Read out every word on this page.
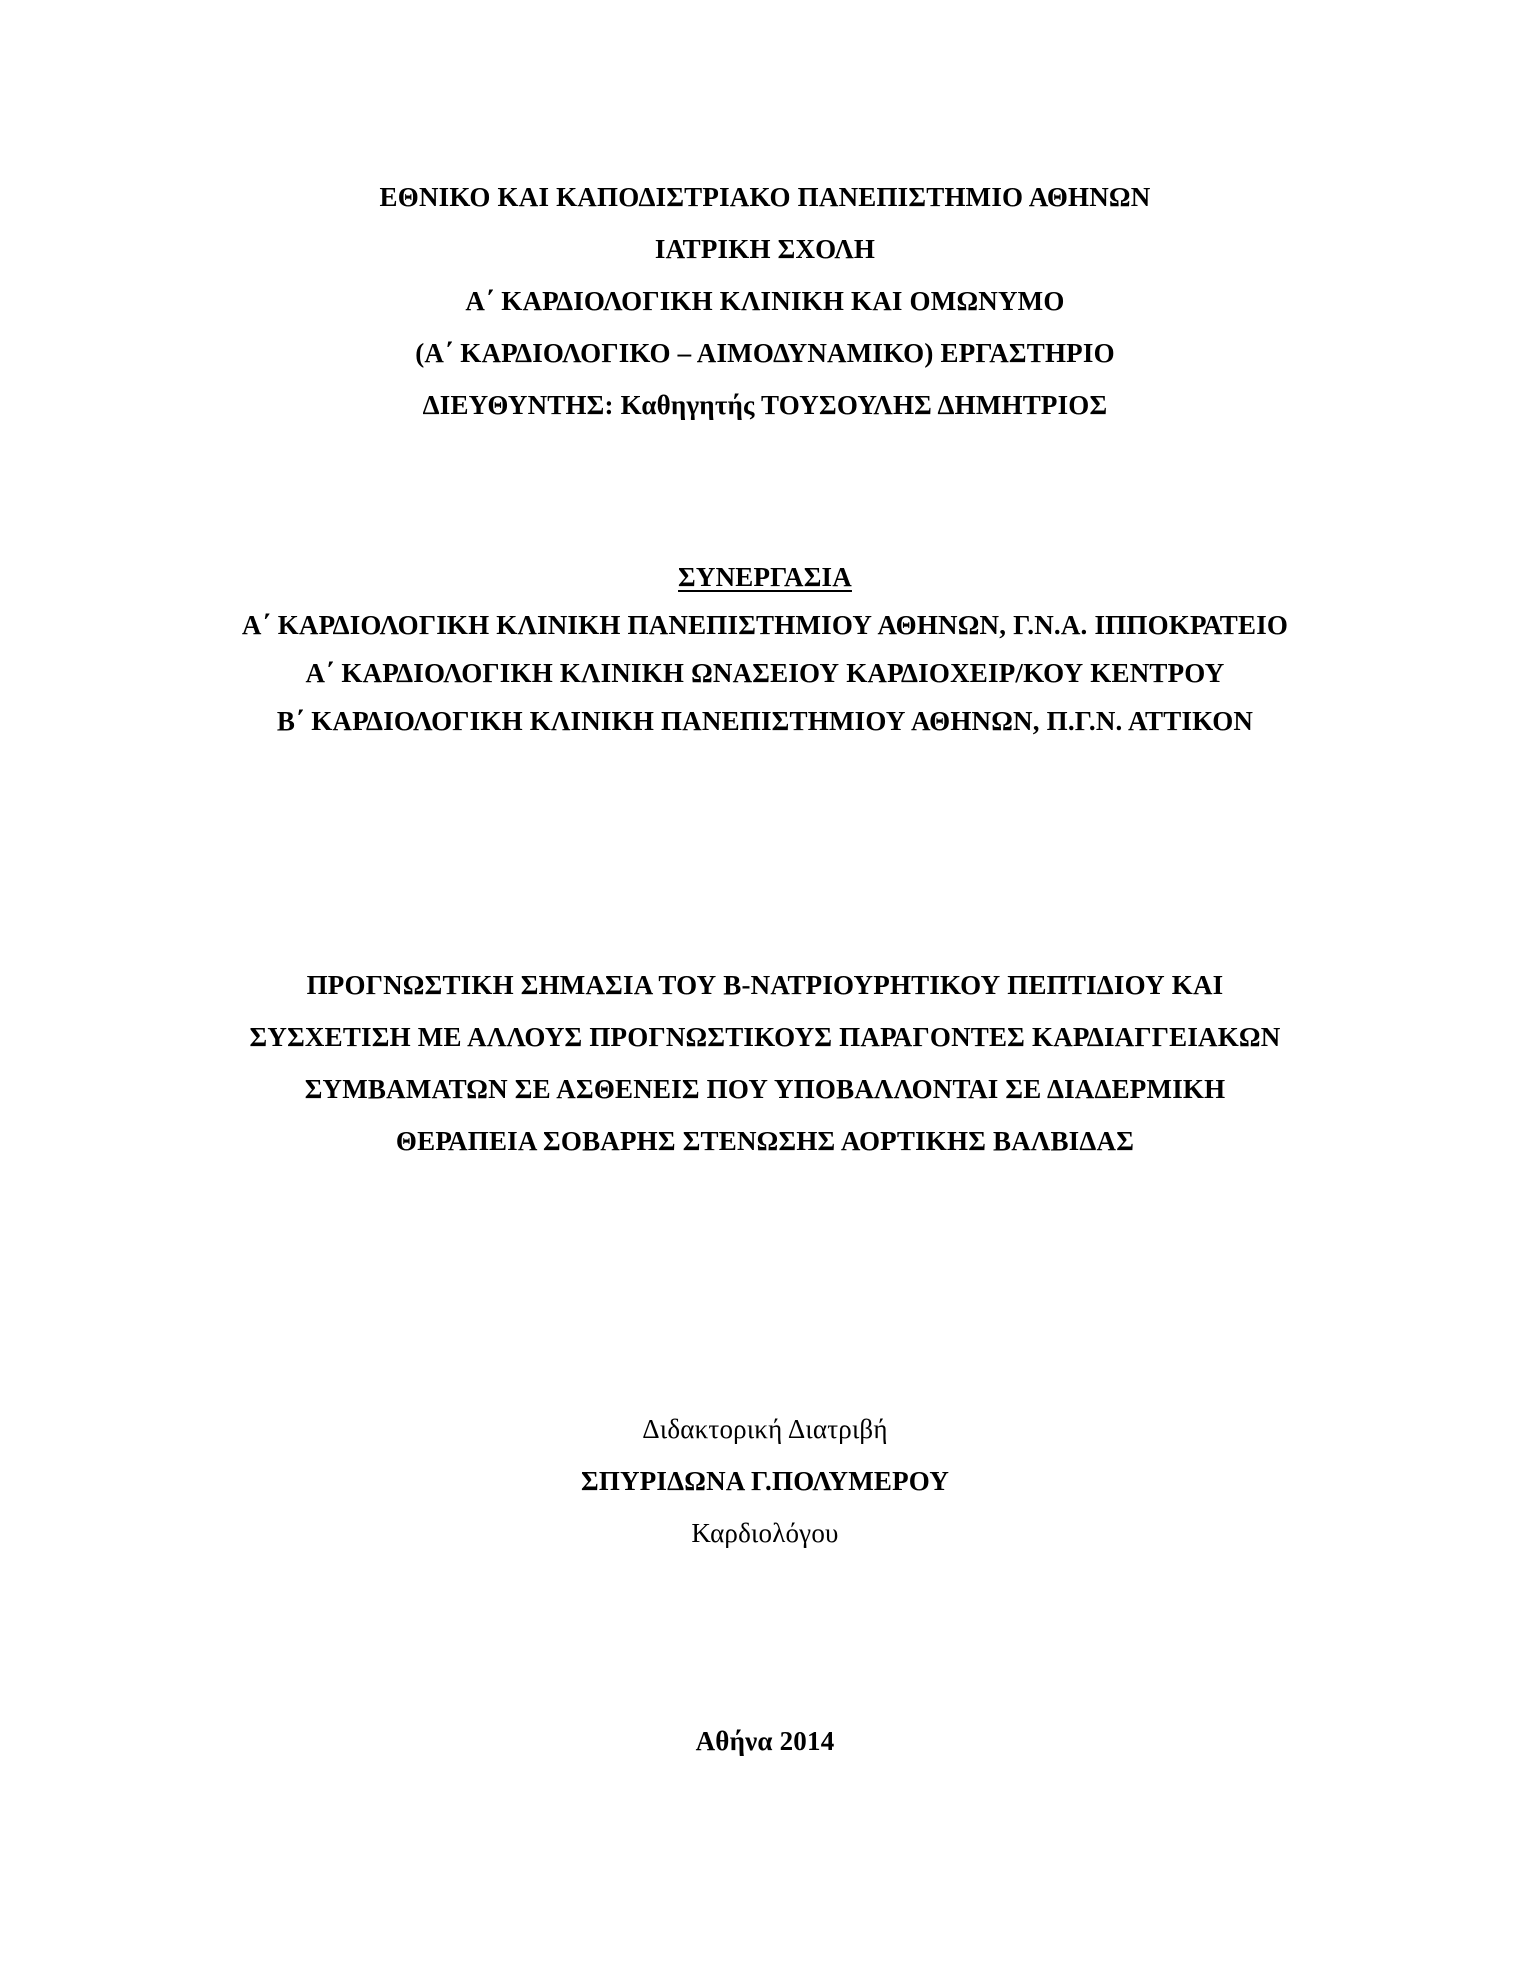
ΕΘΝΙΚΟ ΚΑΙ ΚΑΠΟΔΙΣΤΡΙΑΚΟ ΠΑΝΕΠΙΣΤΗΜΙΟ ΑΘΗΝΩΝ
ΙΑΤΡΙΚΗ ΣΧΟΛΗ
Α΄ ΚΑΡΔΙΟΛΟΓΙΚΗ ΚΛΙΝΙΚΗ ΚΑΙ ΟΜΩΝΥΜΟ
(Α΄ ΚΑΡΔΙΟΛΟΓΙΚΟ – ΑΙΜΟΔΥΝΑΜΙΚΟ) ΕΡΓΑΣΤΗΡΙΟ
ΔΙΕΥΘΥΝΤΗΣ: Καθηγητής ΤΟΥΣΟΥΛΗΣ ΔΗΜΗΤΡΙΟΣ
ΣΥΝΕΡΓΑΣΙΑ
Α΄ ΚΑΡΔΙΟΛΟΓΙΚΗ ΚΛΙΝΙΚΗ ΠΑΝΕΠΙΣΤΗΜΙΟΥ ΑΘΗΝΩΝ, Γ.Ν.Α. ΙΠΠΟΚΡΑΤΕΙΟ
Α΄ ΚΑΡΔΙΟΛΟΓΙΚΗ ΚΛΙΝΙΚΗ ΩΝΑΣΕΙΟΥ ΚΑΡΔΙΟΧΕΙΡ/ΚΟΥ ΚΕΝΤΡΟΥ
Β΄ ΚΑΡΔΙΟΛΟΓΙΚΗ ΚΛΙΝΙΚΗ ΠΑΝΕΠΙΣΤΗΜΙΟΥ ΑΘΗΝΩΝ, Π.Γ.Ν. ΑΤΤΙΚΟΝ
ΠΡΟΓΝΩΣΤΙΚΗ ΣΗΜΑΣΙΑ ΤΟΥ Β-ΝΑΤΡΙΟΥΡΗΤΙΚΟΥ ΠΕΠΤΙΔΙΟΥ ΚΑΙ
ΣΥΣΧΕΤΙΣΗ ΜΕ ΑΛΛΟΥΣ ΠΡΟΓΝΩΣΤΙΚΟΥΣ ΠΑΡΑΓΟΝΤΕΣ ΚΑΡΔΙΑΓΓΕΙΑΚΩΝ
ΣΥΜΒΑΜΑΤΩΝ ΣΕ ΑΣΘΕΝΕΙΣ ΠΟΥ ΥΠΟΒΑΛΛΟΝΤΑΙ ΣΕ ΔΙΑΔΕΡΜΙΚΗ
ΘΕΡΑΠΕΙΑ ΣΟΒΑΡΗΣ ΣΤΕΝΩΣΗΣ ΑΟΡΤΙΚΗΣ ΒΑΛΒΙΔΑΣ
Διδακτορική Διατριβή
ΣΠΥΡΙΔΩΝΑ Γ.ΠΟΛΥΜΕΡΟΥ
Καρδιολόγου
Αθήνα 2014
